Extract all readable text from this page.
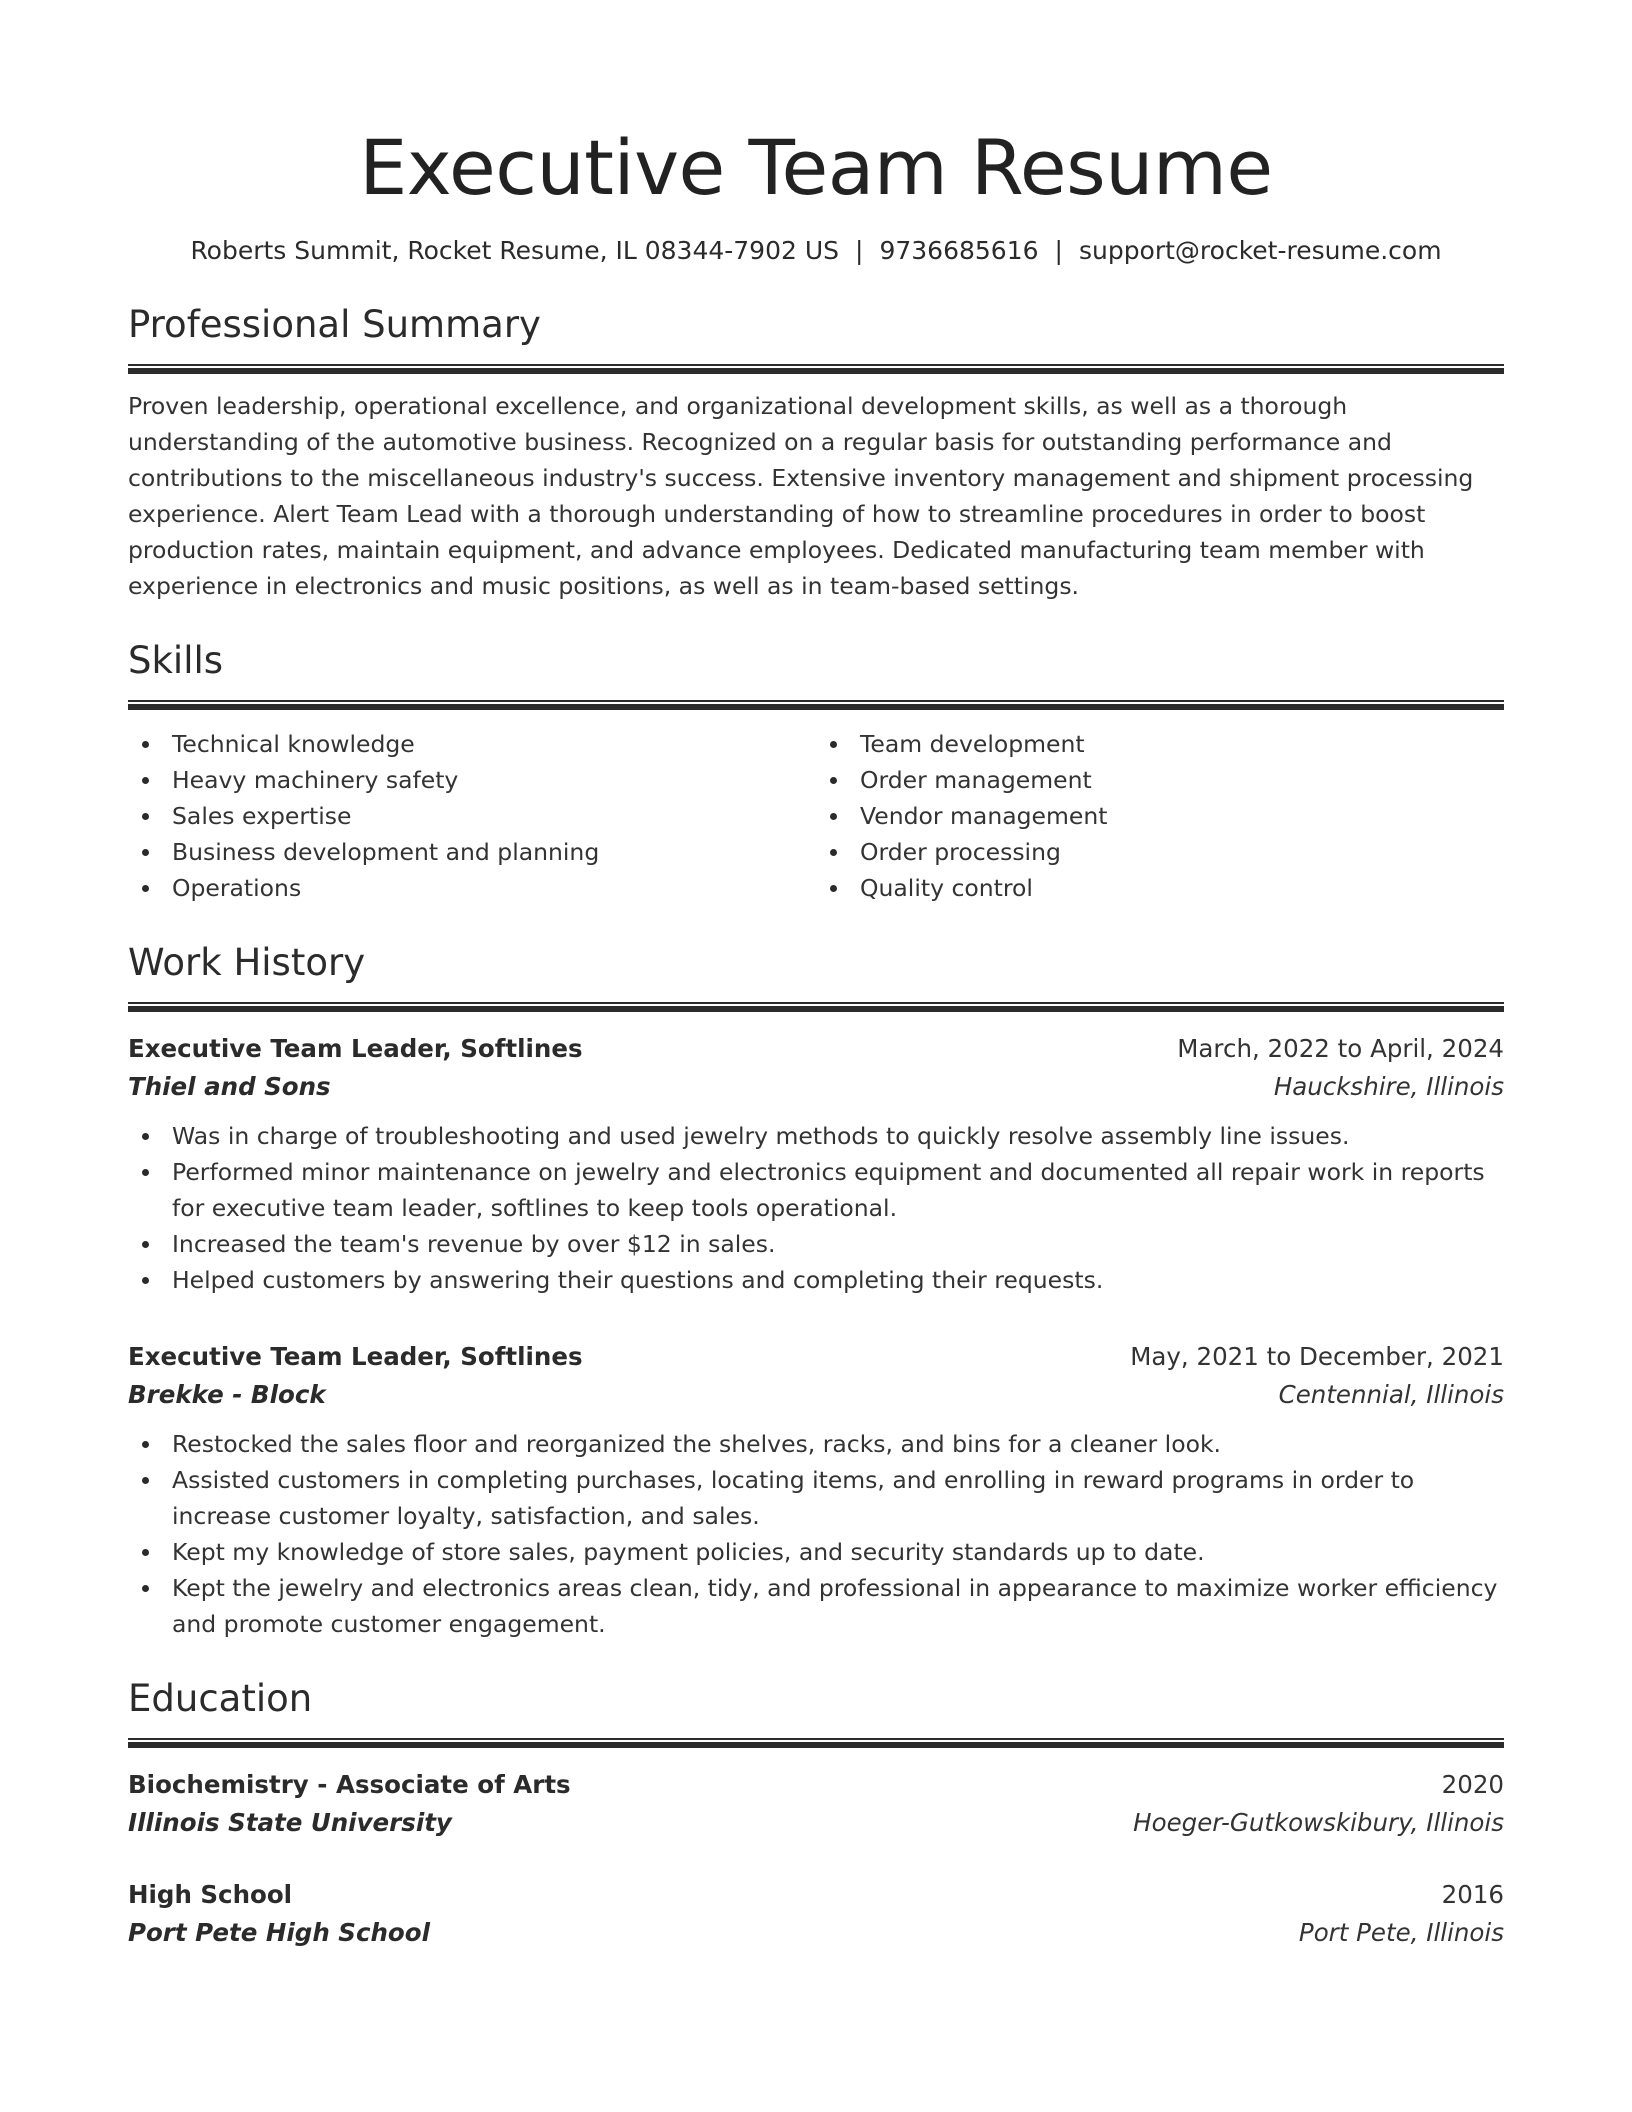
Executive Team Resume
Roberts Summit, Rocket Resume, IL 08344-7902 US | 9736685616 | support@rocket-resume.com
Professional Summary

Proven leadership, operational excellence, and organizational development skills, as well as a thorough understanding of the automotive business. Recognized on a regular basis for outstanding performance and contributions to the miscellaneous industry's success. Extensive inventory management and shipment processing experience. Alert Team Lead with a thorough understanding of how to streamline procedures in order to boost production rates, maintain equipment, and advance employees. Dedicated manufacturing team member with experience in electronics and music positions, as well as in team-based settings.

Skills
Technical knowledge
Heavy machinery safety
Sales expertise
Business development and planning
Operations
Team development
Order management
Vendor management
Order processing
Quality control
Work History
Executive Team Leader, Softlines	March, 2022 to April, 2024
Thiel and Sons	Hauckshire, Illinois
Was in charge of troubleshooting and used jewelry methods to quickly resolve assembly line issues.
Performed minor maintenance on jewelry and electronics equipment and documented all repair work in reports for executive team leader, softlines to keep tools operational.
Increased the team's revenue by over $12 in sales.
Helped customers by answering their questions and completing their requests.
Executive Team Leader, Softlines	May, 2021 to December, 2021
Brekke - Block	Centennial, Illinois
Restocked the sales floor and reorganized the shelves, racks, and bins for a cleaner look.
Assisted customers in completing purchases, locating items, and enrolling in reward programs in order to increase customer loyalty, satisfaction, and sales.
Kept my knowledge of store sales, payment policies, and security standards up to date.
Kept the jewelry and electronics areas clean, tidy, and professional in appearance to maximize worker efficiency and promote customer engagement.
Education
Biochemistry - Associate of Arts	2020
Illinois State University	Hoeger-Gutkowskibury, Illinois
High School	2016
Port Pete High School	Port Pete, Illinois
